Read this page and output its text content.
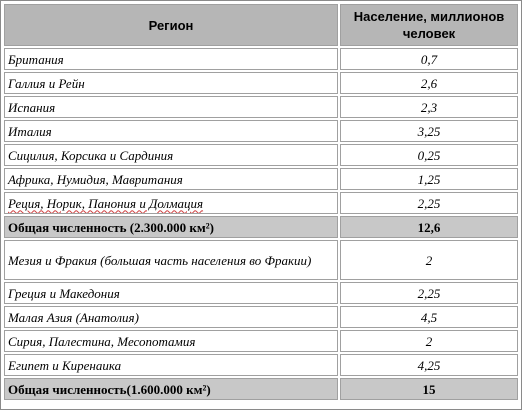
Регион	Население, миллионов человек
Британия	0,7
Галлия и Рейн	2,6
Испания	2,3
Италия	3,25
Сицилия, Корсика и Сардиния	0,25
Африка, Нумидия, Мавритания	1,25
Реция, Норик, Панония и Долмация	2,25
Общая численность (2.300.000 км²)	12,6
Мезия и Фракия (большая часть населения во Фракии)	2
Греция и Македония	2,25
Малая Азия (Анатолия)	4,5
Сирия, Палестина, Месопотамия	2
Египет и Киренаика	4,25
Общая численность(1.600.000 км²)	15
